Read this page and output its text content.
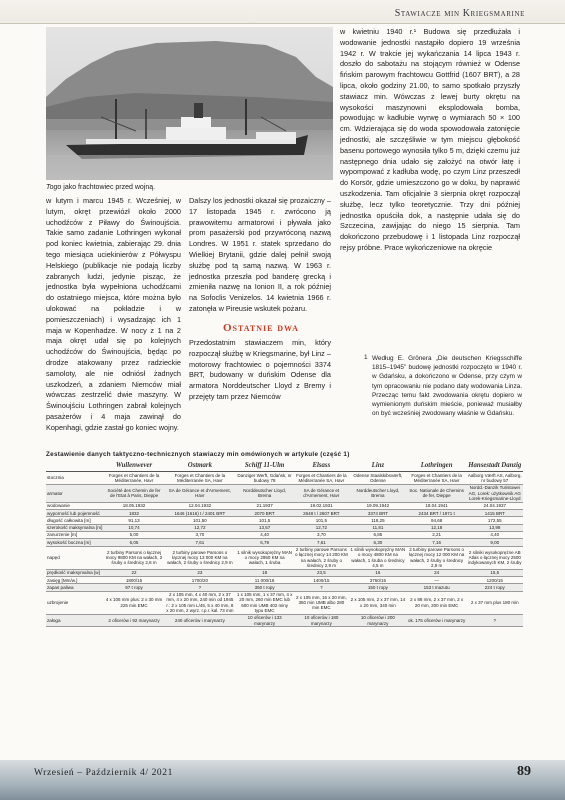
Stawiacze min Kriegsmarine
Togo jako frachtowiec przed wojną.
w lutym i marcu 1945 r. Wcześniej, w lutym, okręt przewiózł około 2000 uchodźców z Piławy do Świnoujścia. Takie samo zadanie Lothringen wykonał pod koniec kwietnia, zabierając 29. dnia tego miesiąca uciekinierów z Półwyspu Helskiego (publikacje nie podają liczby zabranych ludzi, jedynie pisząc, że jednostka była wypełniona uchodźcami do ostatniego miejsca, które można było ulokować na pokładzie i w pomieszczeniach) i wysadzając ich 1 maja w Kopenhadze. W nocy z 1 na 2 maja okręt udał się po kolejnych uchodźców do Świnoujścia, będąc po drodze atakowany przez radzieckie samoloty, ale nie odniósł żadnych uszkodzeń, a zdaniem Niemców miał wówczas zestrzelić dwie maszyny. W Świnoujściu Lothringen zabrał kolejnych pasażerów i 4 maja zawinął do Kopenhagi, gdzie zastał go koniec wojny.
Dalszy los jednostki okazał się prozaiczny – 17 listopada 1945 r. zwrócono ją prawowitemu armatorowi i pływała jako prom pasażerski pod przywróconą nazwą Londres. W 1951 r. statek sprzedano do Wielkiej Brytanii, gdzie dalej pełnił swoją służbę pod tą samą nazwą. W 1963 r. jednostka przeszła pod banderę grecką i zmieniła nazwę na Ionion II, a rok później na Sofoclis Venizelos. 14 kwietnia 1966 r. zatonęła w Pireusie wskutek pożaru.
Ostatnie dwa
Przedostatnim stawiaczem min, który rozpoczął służbę w Kriegsmarine, był Linz – motorowy frachtowiec o pojemności 3374 BRT, budowany w duńskim Odense dla armatora Norddeutscher Lloyd z Bremy i przejęty tam przez Niemców
w kwietniu 1940 r.¹ Budowa się przedłużała i wodowanie jednostki nastąpiło dopiero 19 września 1942 r. W trakcie jej wykańczania 14 lipca 1943 r. doszło do sabotażu na stojącym również w Odense fińskim parowym frachtowcu Gottfrid (1607 BRT), a 28 lipca, około godziny 21.00, to samo spotkało przyszły stawiacz min. Wówczas z lewej burty okrętu na wysokości maszynowni eksplodowała bomba, powodując w kadłubie wyrwę o wymiarach 50 × 100 cm. Wdzierająca się do woda spowodowała zatonięcie jednostki, ale szczęśliwie w tym miejscu głębokość basenu portowego wynosiła tylko 5 m, dzięki czemu już następnego dnia udało się założyć na otwór łatę i wypompować z kadłuba wodę, po czym Linz przeszedł do Korsör, gdzie umieszczono go w doku, by naprawić uszkodzenia. Tam oficjalnie 3 sierpnia okręt rozpoczął służbę, lecz tylko teoretycznie. Trzy dni później jednostka opuściła dok, a następnie udała się do Szczecina, zawijając do niego 15 sierpnia. Tam dokończono przebudowę i 1 listopada Linz rozpoczął rejsy próbne. Prace wykończeniowe na okręcie
1 Według E. Grönera „Die deutschen Kriegsschiffe 1815–1945” budowę jednostki rozpoczęto w 1940 r. w Gdańsku, a dokończono w Odense, przy czym w tym opracowaniu nie podano daty wodowania Linza. Przecząc temu fakt zwodowania okrętu dopiero w wymienionym duńskim mieście, ponieważ musiałby on być wcześniej zwodowany właśnie w Gdańsku.
Zestawienie danych taktyczno-technicznych stawiaczy min omówionych w artykule (część 1)
	Wullenwever	Ostmark	Schiff 11-Ulm	Elsass	Linz	Lothringen	Hansestadt Danzig
stocznia	Forges et Chantiers de la Méditerranée, Havr	Forges et Chantiers de la Méditerranée SA, Havr	Danziger Werft, Gdańsk, nr budowy 78	Forges et Chantiers de la Méditerranée SA, Havr	Odense Staalskibsværft, Odense	Forges et Chantiers de la Méditerranée SA, Havr	Aalborg Værft AS, Aalborg, nr budowy 57
armator	Société des Chemin de fer de l'Etat à Paris, Dieppe	SA de Gérance et d'Armement, Havr	Norddeutscher Lloyd, Brema	SA de Gérance et d'Armement, Havr	Norddeutscher Lloyd, Brema	Soc. Nationale de Chemins de fer, Dieppe	Nordd.-Danzik Turistowei AG, Lorek: użytkownik AG Lorek-Kriegsmarine-Lloyd
wodowanie	18.05.1932	12.04.1932	21.1937	19.02.1931	19.09.1942	18.04.1941	24.04.1937
wyporność lub pojemność	1832	1646 (1616) t / 2401 BRT	2070 BRT	2648 t / 2607 BRT	3374 BRT	2434 BRT / 1971 t	1415 BRT
długość całkowita [m]	91,13	101,50	101,5	101,5	118,25	94,68	172,55
szerokość maksymalna [m]	10,74	12,72	13,57	12,72	11,81	12,18	13,98
zanurzenie [m]	5,00	3,70	4,40	3,70	6,85	2,21	4,40
wysokość boczna [m]	6,05	7,61	6,79	7,61	6,30	7,16	9,00
napęd	2 turbiny Parsons o łącznej mocy 9800 KM na wałach, 2 śruby o średnicy 2,6 m	2 turbiny parowe Parsons o łącznej mocy 13 000 KM na wałach, 2 śruby o średnicy 2,9 m	1 silnik wysokoprężny MAN o mocy 2950 KM na wałach, 1 śruba	2 turbiny parowe Parsons o łącznej mocy 14 200 KM na wałach, 2 śruby o średnicy 2,9 m	1 silnik wysokoprężny MAN o mocy 4800 KM na wałach, 1 śruba o średnicy 4,5 m	2 turbiny parowe Parsons o łącznej mocy 12 000 KM na wałach, 2 śruby o średnicy 2,9 m	2 silniki wysokoprężne AB Atlas o łącznej mocy 2500 indykowanych KM, 2 śruby
prędkość maksymalna [w]	22	23	18	23,5	16	24	15,5
zasięg [Mm/w.]	1800/15	1700/20	11 000/16	1400/15	3760/15	—	1200/15
zapas paliwa	97 t ropy	?	350 t ropy	?	150 t ropy	153 t mazutu	224 t ropy
uzbrojenie	4 x 105 mm plus: 2 x 30 mm 225 min EMC	2 x 105 mm, 4 x 40 mm, 2 x 37 mm, 4 x 20 mm, 240 min od 1945 r.: 2 x 105 mm L/45, 5 x 40 mm, 8 x 20 mm, 2 wyrz. r.p.r. kal. 73 mm	1 x 105 mm, 1 x 37 mm, 4 x 20 mm, 260 min EMC lub 600 min UMB 402 miny typu EMC	2 x 105 mm, 16 x 20 mm, 350 min UMB albo 280 min EMC	2 x 105 mm, 2 x 37 mm, 14 x 20 mm, 340 min	2 x 88 mm, 2 x 37 mm, 2 x 20 mm, 200 min EMC	2 x 37 mm plus 180 min
załoga	2 oficerów i 92 marynarzy	240 oficerów i marynarzy	10 oficerów i 133 marynarzy	10 oficerów i 180 marynarzy	10 oficerów i 200 marynarzy	ok. 175 oficerów i marynarzy	?
Wrzesień – Październik 4/ 2021	89
